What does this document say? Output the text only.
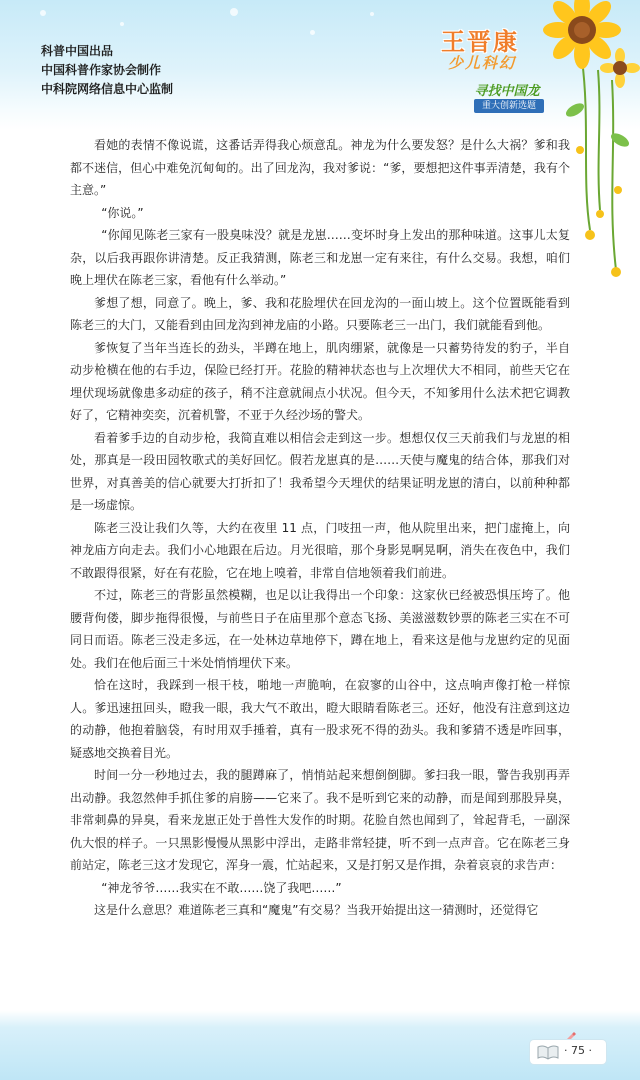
科普中国出品
中国科普作家协会制作
中科院网络信息中心监制
王晋康
少儿科幻
寻找中国龙
重大创新选题

看她的表情不像说谎，这番话弄得我心烦意乱。神龙为什么要发怒？是什么大祸？爹和我都不迷信，但心中难免沉甸甸的。出了回龙沟，我对爹说：“爹，要想把这件事弄清楚，我有个主意。”

“你说。”

“你闻见陈老三家有一股臭味没？就是龙崽……变坏时身上发出的那种味道。这事儿太复杂，以后我再跟你讲清楚。反正我猜测，陈老三和龙崽一定有来往，有什么交易。我想，咱们晚上埋伏在陈老三家，看他有什么举动。”

爹想了想，同意了。晚上，爹、我和花脸埋伏在回龙沟的一面山坡上。这个位置既能看到陈老三的大门，又能看到由回龙沟到神龙庙的小路。只要陈老三一出门，我们就能看到他。

爹恢复了当年当连长的劲头，半蹲在地上，肌肉绷紧，就像是一只蓄势待发的豹子，半自动步枪横在他的右手边，保险已经打开。花脸的精神状态也与上次埋伏大不相同，前些天它在埋伏现场就像患多动症的孩子，稍不注意就闹点小状况。但今天，不知爹用什么法术把它调教好了，它精神奕奕，沉着机警，不亚于久经沙场的警犬。

看着爹手边的自动步枪，我简直难以相信会走到这一步。想想仅仅三天前我们与龙崽的相处，那真是一段田园牧歌式的美好回忆。假若龙崽真的是……天使与魔鬼的结合体，那我们对世界，对真善美的信心就要大打折扣了！我希望今天埋伏的结果证明龙崽的清白，以前种种都是一场虚惊。

陈老三没让我们久等，大约在夜里 11 点，门吱扭一声，他从院里出来，把门虚掩上，向神龙庙方向走去。我们小心地跟在后边。月光很暗，那个身影晃啊晃啊，消失在夜色中，我们不敢跟得很紧，好在有花脸，它在地上嗅着，非常自信地领着我们前进。

不过，陈老三的背影虽然模糊，也足以让我得出一个印象：这家伙已经被恐惧压垮了。他腰背佝偻，脚步拖得很慢，与前些日子在庙里那个意态飞扬、美滋滋数钞票的陈老三实在不可同日而语。陈老三没走多远，在一处林边草地停下，蹲在地上，看来这是他与龙崽约定的见面处。我们在他后面三十米处悄悄埋伏下来。

恰在这时，我踩到一根干枝，啪地一声脆响，在寂寥的山谷中，这点响声像打枪一样惊人。爹迅速扭回头，瞪我一眼，我大气不敢出，瞪大眼睛看陈老三。还好，他没有注意到这边的动静，他抱着脑袋，有时用双手捶着，真有一股求死不得的劲头。我和爹猜不透是咋回事，疑惑地交换着目光。

时间一分一秒地过去，我的腿蹲麻了，悄悄站起来想倒倒脚。爹扫我一眼，警告我别再弄出动静。我忽然伸手抓住爹的肩膀——它来了。我不是听到它来的动静，而是闻到那股异臭，非常刺鼻的异臭，看来龙崽正处于兽性大发作的时期。花脸自然也闻到了，耸起背毛，一副深仇大恨的样子。一只黑影慢慢从黑影中浮出，走路非常轻捷，听不到一点声音。它在陈老三身前站定，陈老三这才发现它，浑身一震，忙站起来，又是打躬又是作揖，杂着哀哀的求告声：

“神龙爷爷……我实在不敢……饶了我吧……”

这是什么意思？难道陈老三真和“魔鬼”有交易？当我开始提出这一猜测时，还觉得它

· 75 ·
